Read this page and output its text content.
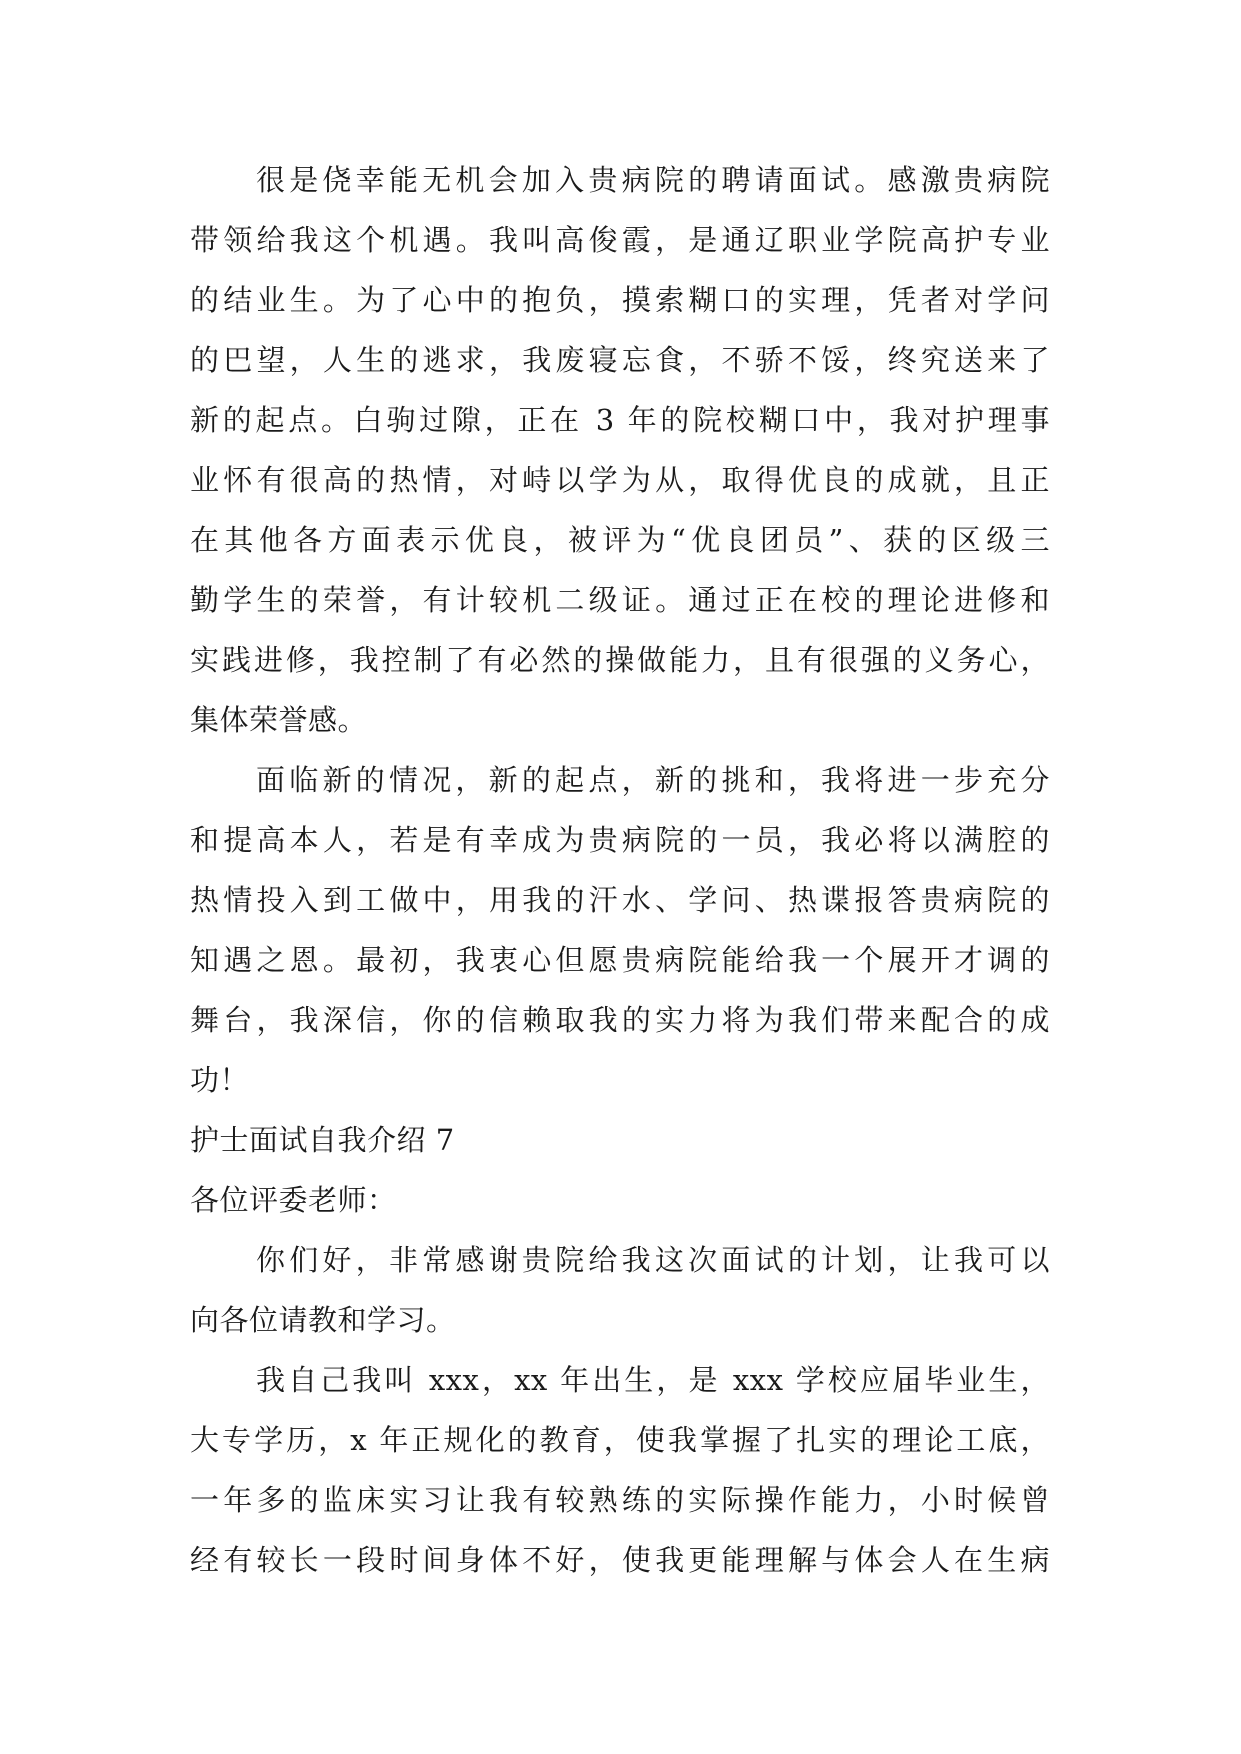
很是侥幸能无机会加入贵病院的聘请面试。感激贵病院
带领给我这个机遇。我叫高俊霞，是通辽职业学院高护专业
的结业生。为了心中的抱负，摸索糊口的实理，凭者对学问
的巴望，人生的逃求，我废寝忘食，不骄不馁，终究送来了
新的起点。白驹过隙，正在 3 年的院校糊口中，我对护理事
业怀有很高的热情，对峙以学为从，取得优良的成就，且正
在其他各方面表示优良，被评为“优良团员”、获的区级三
勤学生的荣誉，有计较机二级证。通过正在校的理论进修和
实践进修，我控制了有必然的操做能力，且有很强的义务心，
集体荣誉感。
面临新的情况，新的起点，新的挑和，我将进一步充分
和提高本人，若是有幸成为贵病院的一员，我必将以满腔的
热情投入到工做中，用我的汗水、学问、热谍报答贵病院的
知遇之恩。最初，我衷心但愿贵病院能给我一个展开才调的
舞台，我深信，你的信赖取我的实力将为我们带来配合的成
功！
护士面试自我介绍 7
各位评委老师：
你们好，非常感谢贵院给我这次面试的计划，让我可以
向各位请教和学习。
我自己我叫 xxx，xx 年出生，是 xxx 学校应届毕业生，
大专学历，x 年正规化的教育，使我掌握了扎实的理论工底，
一年多的监床实习让我有较熟练的实际操作能力，小时候曾
经有较长一段时间身体不好，使我更能理解与体会人在生病
